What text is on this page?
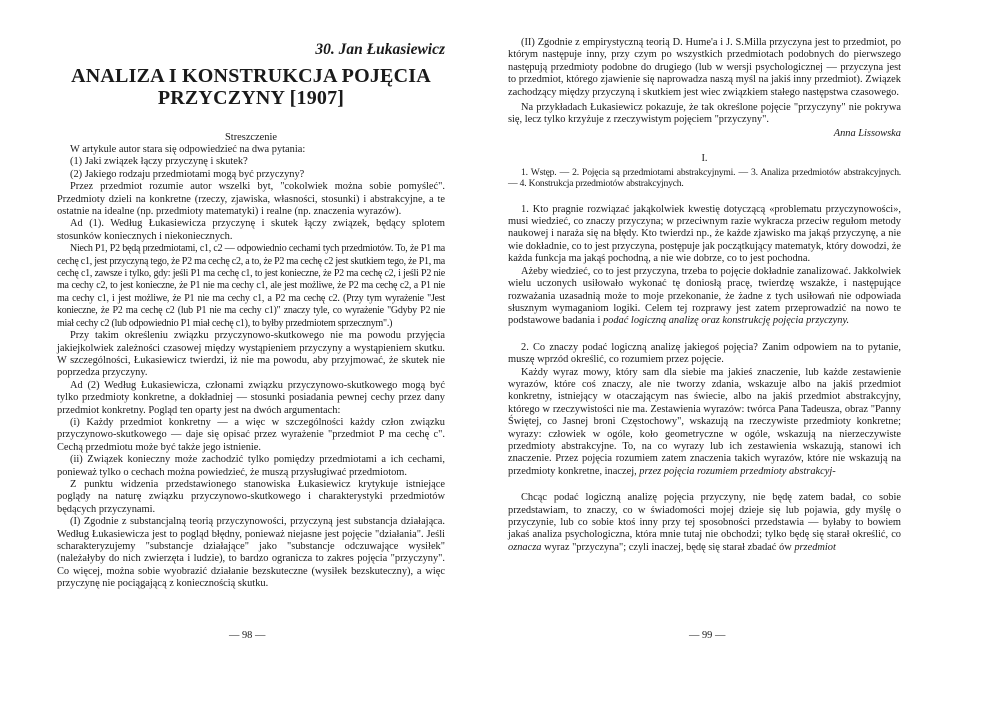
30. Jan Łukasiewicz
ANALIZA I KONSTRUKCJA POJĘCIA
PRZYCZYNY [1907]
Streszczenie

W artykule autor stara się odpowiedzieć na dwa pytania:

(1) Jaki związek łączy przyczynę i skutek?

(2) Jakiego rodzaju przedmiotami mogą być przyczyny?

Przez przedmiot rozumie autor wszelki byt, "cokolwiek można sobie pomyśleć". Przedmioty dzieli na konkretne (rzeczy, zjawiska, własności, stosunki) i abstrakcyjne, a te ostatnie na idealne (np. przedmioty matematyki) i realne (np. znaczenia wyrazów).

Ad (1). Według Łukasiewicza przyczynę i skutek łączy związek, będący splotem stosunków koniecznych i niekoniecznych.

Niech P1, P2 będą przedmiotami, c1, c2 — odpowiednio cechami tych przedmiotów. To, że P1 ma cechę c1, jest przyczyną tego, że P2 ma cechę c2, a to, że P2 ma cechę c2 jest skutkiem tego, że P1, ma cechę c1, zawsze i tylko, gdy: jeśli P1 ma cechę c1, to jest konieczne, że P2 ma cechę c2, i jeśli P2 nie ma cechy c2, to jest konieczne, że P1 nie ma cechy c1, ale jest możliwe, że P2 ma cechę c2, a P1 nie ma cechy c1, i jest możliwe, że P1 nie ma cechy c1, a P2 ma cechę c2. (Przy tym wyrażenie "Jest konieczne, że P2 ma cechę c2 (lub P1 nie ma cechy c1)" znaczy tyle, co wyrażenie "Gdyby P2 nie miał cechy c2 (lub odpowiednio P1 miał cechę c1), to byłby przedmiotem sprzecznym".)

Przy takim określeniu związku przyczynowo-skutkowego nie ma powodu przyjęcia jakiejkolwiek zależności czasowej między wystąpieniem przyczyny a wystąpieniem skutku. W szczególności, Łukasiewicz twierdzi, iż nie ma powodu, aby przyjmować, że skutek nie poprzedza przyczyny.

Ad (2) Według Łukasiewicza, członami związku przyczynowo-skutkowego mogą być tylko przedmioty konkretne, a dokładniej — stosunki posiadania pewnej cechy przez dany przedmiot konkretny. Pogląd ten oparty jest na dwóch argumentach:

(i) Każdy przedmiot konkretny — a więc w szczególności każdy człon związku przyczynowo-skutkowego — daje się opisać przez wyrażenie "przedmiot P ma cechę c". Cechą przedmiotu może być także jego istnienie.

(ii) Związek konieczny może zachodzić tylko pomiędzy przedmiotami a ich cechami, ponieważ tylko o cechach można powiedzieć, że muszą przysługiwać przedmiotom.

Z punktu widzenia przedstawionego stanowiska Łukasiewicz krytykuje istniejące poglądy na naturę związku przyczynowo-skutkowego i charakterystyki przedmiotów będących przyczynami.

(I) Zgodnie z substancjalną teorią przyczynowości, przyczyną jest substancja działająca. Według Łukasiewicza jest to pogląd błędny, ponieważ niejasne jest pojęcie "działania". Jeśli scharakteryzujemy "substancje działające" jako "substancje odczuwające wysiłek" (należałyby do nich zwierzęta i ludzie), to bardzo ogranicza to zakres pojęcia "przyczyny". Co więcej, można sobie wyobrazić działanie bezskuteczne (wysiłek bezskuteczny), a więc przyczynę nie pociągającą z koniecznością skutku.

— 98 —

(II) Zgodnie z empirystyczną teorią D. Hume'a i J. S.Milla przyczyna jest to przedmiot, po którym następuje inny, przy czym po wszystkich przedmiotach podobnych do pierwszego następują przedmioty podobne do drugiego (lub w wersji psychologicznej — przyczyna jest to przedmiot, którego zjawienie się naprowadza naszą myśl na jakiś inny przedmiot). Związek zachodzący między przyczyną i skutkiem jest wiec związkiem stałego następstwa czasowego.

Na przykładach Łukasiewicz pokazuje, że tak określone pojęcie "przyczyny" nie pokrywa się, lecz tylko krzyżuje z rzeczywistym pojęciem "przyczyny".

Anna Lissowska
I.

1. Wstęp. — 2. Pojęcia są przedmiotami abstrakcyjnymi. — 3. Analiza przedmiotów abstrakcyjnych. — 4. Konstrukcja przedmiotów abstrakcyjnych.

1. Kto pragnie rozwiązać jakąkolwiek kwestię dotyczącą «problematu przyczynowości», musi wiedzieć, co znaczy przyczyna; w przeciwnym razie wykracza przeciw regułom metody naukowej i naraża się na błędy. Kto twierdzi np., że każde zjawisko ma jakąś przyczynę, a nie wie dokładnie, co to jest przyczyna, postępuje jak początkujący matematyk, który dowodzi, że każda funkcja ma jakąś pochodną, a nie wie dobrze, co to jest pochodna.

Ażeby wiedzieć, co to jest przyczyna, trzeba to pojęcie dokładnie zanalizować. Jakkolwiek wielu uczonych usiłowało wykonać tę doniosłą pracę, twierdzę wszakże, i następujące rozważania uzasadnią może to moje przekonanie, że żadne z tych usiłowań nie odpowiada słusznym wymaganiom logiki. Celem tej rozprawy jest zatem przeprowadzić na nowo te podstawowe badania i podać logiczną analizę oraz konstrukcję pojęcia przyczyny.

2. Co znaczy podać logiczną analizę jakiegoś pojęcia? Zanim odpowiem na to pytanie, muszę wprzód określić, co rozumiem przez pojęcie.

Każdy wyraz mowy, który sam dla siebie ma jakieś znaczenie, lub każde zestawienie wyrazów, które coś znaczy, ale nie tworzy zdania, wskazuje albo na jakiś przedmiot konkretny, istniejący w otaczającym nas świecie, albo na jakiś przedmiot abstrakcyjny, którego w rzeczywistości nie ma. Zestawienia wyrazów: twórca Pana Tadeusza, obraz "Panny Świętej, co Jasnej broni Częstochowy", wskazują na rzeczywiste przedmioty konkretne; wyrazy: człowiek w ogóle, koło geometryczne w ogóle, wskazują na nierzeczywiste przedmioty abstrakcyjne. To, na co wyrazy lub ich zestawienia wskazują, stanowi ich znaczenie. Przez pojęcia rozumiem zatem znaczenia takich wyrazów, które nie wskazują na przedmioty konkretne, inaczej, przez pojęcia rozumiem przedmioty abstrakcyj-

Chcąc podać logiczną analizę pojęcia przyczyny, nie będę zatem badał, co sobie przedstawiam, to znaczy, co w świadomości mojej dzieje się lub pojawia, gdy myślę o przyczynie, lub co sobie ktoś inny przy tej sposobności przedstawia — byłaby to bowiem jakaś analiza psychologiczna, która mnie tutaj nie obchodzi; tylko będę się starał określić, co oznacza wyraz "przyczyna"; czyli inaczej, będę się starał zbadać ów przedmiot

— 99 —
